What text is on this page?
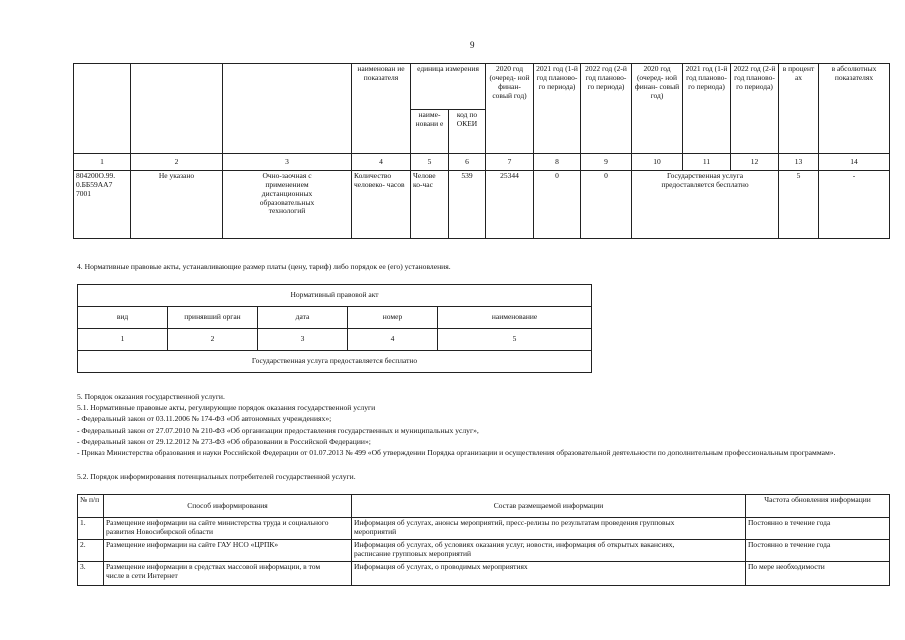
9
			наименован ие показателя	единица измерения		2020 год (очеред- ной финан- совый год)	2021 год (1-й год планово- го периода)	2022 год (2-й год планово- го периода)	2020 год (очеред- ной финан- совый год)	2021 год (1-й год планово- го периода)	2022 год (2-й год планово- го периода)	в процент ах	в абсолютных показателях
				наиме- новани е	код по ОКЕИ								
1	2	3	4	5	6	7	8	9	10	11	12	13	14
804200О.99. 0.ББ59АА7 7001	Не указано	Очно-заочная с применением дистанционных образовательных технологий	Количество человеко- часов	Челове ко-час	539	25344	0	0	Государственная услуга предоставляется бесплатно			5	-
4. Нормативные правовые акты, устанавливающие размер платы (цену, тариф) либо порядок ее (его) установления.
Нормативный правовой акт				
вид	принявший орган	дата	номер	наименование
1	2	3	4	5
Государственная услуга предоставляется бесплатно				
5. Порядок оказания государственной услуги.
5.1. Нормативные правовые акты, регулирующие порядок оказания государственной услуги
- Федеральный закон от 03.11.2006 № 174-ФЗ «Об автономных учреждениях»;
- Федеральный закон от 27.07.2010 № 210-ФЗ «Об организации предоставления государственных и муниципальных услуг»,
- Федеральный закон от 29.12.2012 № 273-ФЗ «Об образовании в Российской Федерации»;
- Приказ Министерства образования и науки Российской Федерации от 01.07.2013 № 499 «Об утверждении Порядка организации и осуществления образовательной деятельности по дополнительным профессиональным программам».
5.2. Порядок информирования потенциальных потребителей государственной услуги.
№ п/п	Способ информирования	Состав размещаемой информации	Частота обновления информации
1.	Размещение информации на сайте министерства труда и социального развития Новосибирской области	Информация об услугах, анонсы мероприятий, пресс-релизы по результатам проведения групповых мероприятий	Постоянно в течение года
2.	Размещение информации на сайте ГАУ НСО «ЦРПК»	Информация об услугах, об условиях оказания услуг, новости, информация об открытых вакансиях, расписание групповых мероприятий	Постоянно в течение года
3.	Размещение информации в средствах массовой информации, в том числе в сети Интернет	Информация об услугах, о проводимых мероприятиях	По мере необходимости
